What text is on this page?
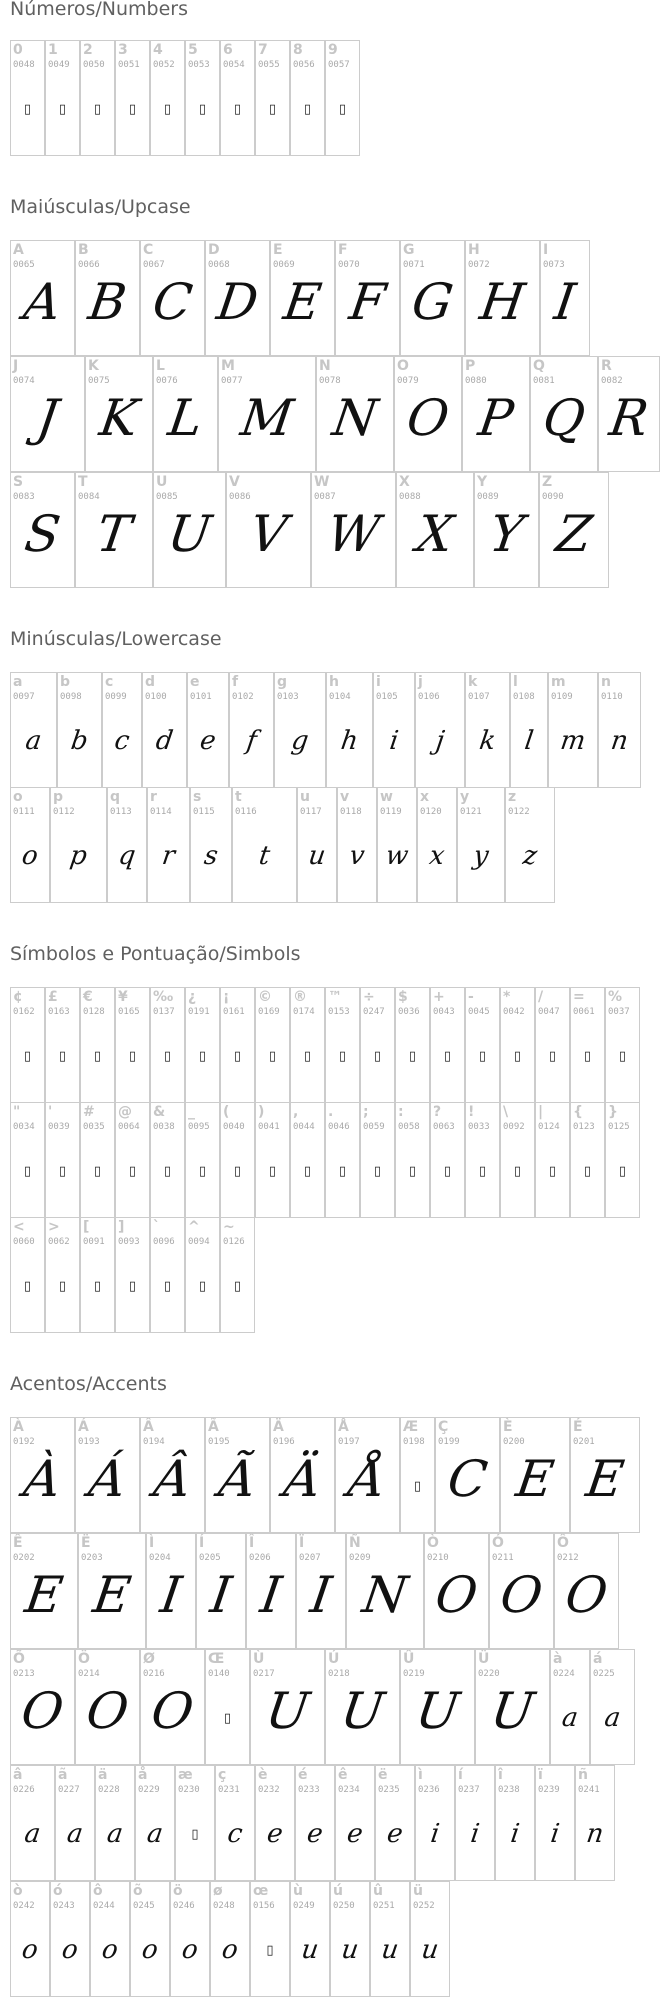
Números/Numbers
0
0048
▯
1
0049
▯
2
0050
▯
3
0051
▯
4
0052
▯
5
0053
▯
6
0054
▯
7
0055
▯
8
0056
▯
9
0057
▯
Maiúsculas/Upcase
A
0065
A
B
0066
B
C
0067
C
D
0068
D
E
0069
E
F
0070
F
G
0071
G
H
0072
H
I
0073
I
J
0074
J
K
0075
K
L
0076
L
M
0077
M
N
0078
N
O
0079
O
P
0080
P
Q
0081
Q
R
0082
R
S
0083
S
T
0084
T
U
0085
U
V
0086
V
W
0087
W
X
0088
X
Y
0089
Y
Z
0090
Z
Minúsculas/Lowercase
a
0097
a
b
0098
b
c
0099
c
d
0100
d
e
0101
e
f
0102
f
g
0103
g
h
0104
h
i
0105
i
j
0106
j
k
0107
k
l
0108
l
m
0109
m
n
0110
n
o
0111
o
p
0112
p
q
0113
q
r
0114
r
s
0115
s
t
0116
t
u
0117
u
v
0118
v
w
0119
w
x
0120
x
y
0121
y
z
0122
z
Símbolos e Pontuação/Simbols
¢
0162
▯
£
0163
▯
€
0128
▯
¥
0165
▯
‰
0137
▯
¿
0191
▯
¡
0161
▯
©
0169
▯
®
0174
▯
™
0153
▯
÷
0247
▯
$
0036
▯
+
0043
▯
-
0045
▯
*
0042
▯
/
0047
▯
=
0061
▯
%
0037
▯
"
0034
▯
'
0039
▯
#
0035
▯
@
0064
▯
&
0038
▯
_
0095
▯
(
0040
▯
)
0041
▯
,
0044
▯
.
0046
▯
;
0059
▯
:
0058
▯
?
0063
▯
!
0033
▯
\
0092
▯
|
0124
▯
{
0123
▯
}
0125
▯
<
0060
▯
>
0062
▯
[
0091
▯
]
0093
▯
`
0096
▯
^
0094
▯
~
0126
▯
Acentos/Accents
À
0192
À
Á
0193
Á
Â
0194
Â
Ã
0195
Ã
Ä
0196
Ä
Å
0197
Å
Æ
0198
▯
Ç
0199
C
È
0200
E
É
0201
E
Ê
0202
E
Ë
0203
E
Ì
0204
I
Í
0205
I
Î
0206
I
Ï
0207
I
Ñ
0209
N
Ò
0210
O
Ó
0211
O
Ô
0212
O
Õ
0213
O
Ö
0214
O
Ø
0216
O
Œ
0140
▯
Ù
0217
U
Ú
0218
U
Û
0219
U
Ü
0220
U
à
0224
a
á
0225
a
â
0226
a
ã
0227
a
ä
0228
a
å
0229
a
æ
0230
▯
ç
0231
c
è
0232
e
é
0233
e
ê
0234
e
ë
0235
e
ì
0236
i
í
0237
i
î
0238
i
ï
0239
i
ñ
0241
n
ò
0242
o
ó
0243
o
ô
0244
o
õ
0245
o
ö
0246
o
ø
0248
o
œ
0156
▯
ù
0249
u
ú
0250
u
û
0251
u
ü
0252
u
